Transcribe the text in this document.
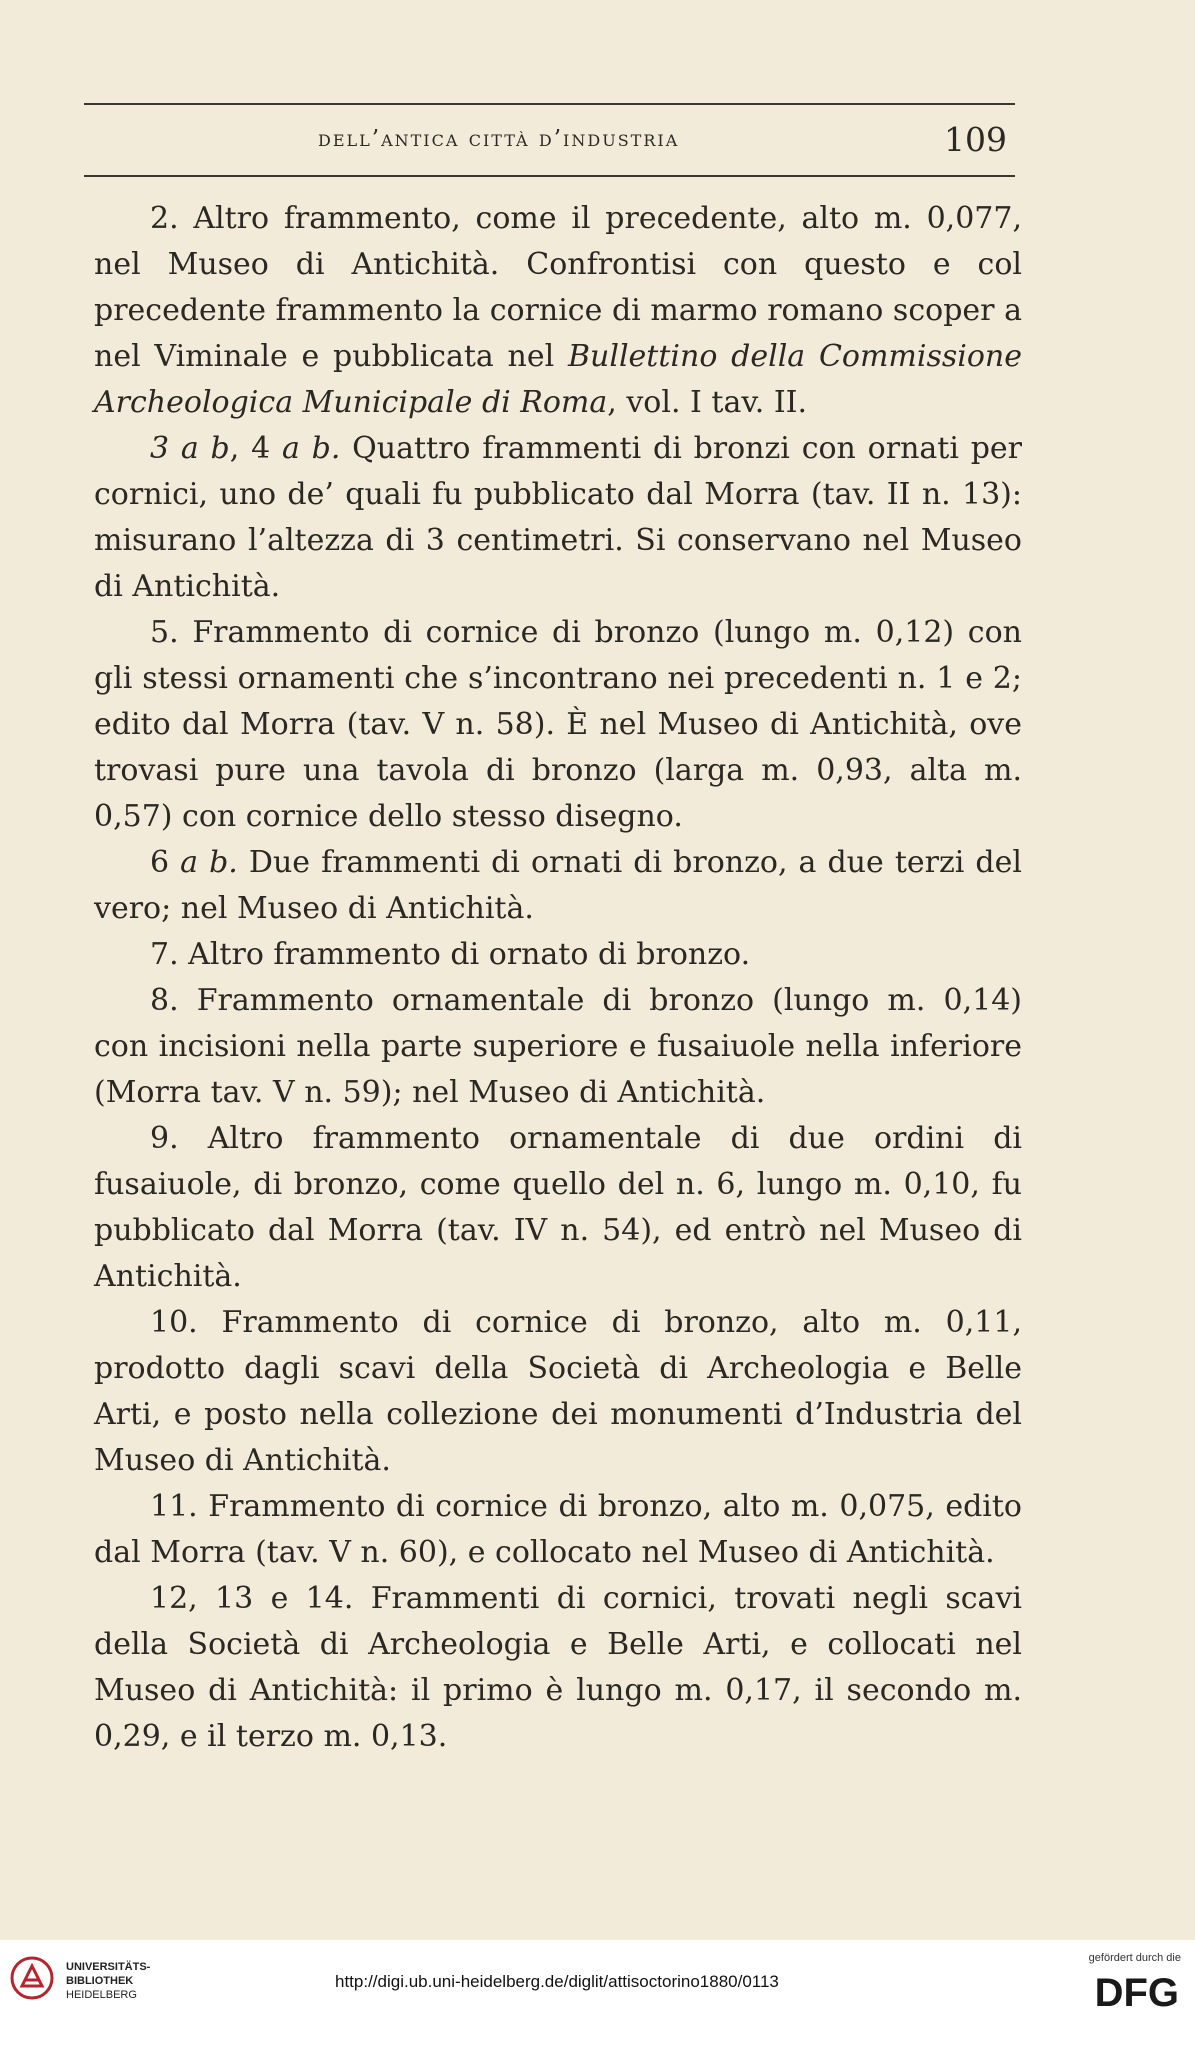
dell’antica città d’industria	109

2. Altro frammento, come il precedente, alto m. 0,077, nel Museo di Antichità. Confrontisi con questo e col precedente frammento la cornice di marmo romano scoper a nel Viminale e pubblicata nel Bullettino della Commissione Archeologica Municipale di Roma, vol. I tav. II.

3 a b, 4 a b. Quattro frammenti di bronzi con ornati per cornici, uno de’ quali fu pubblicato dal Morra (tav. II n. 13): misurano l’altezza di 3 centimetri. Si conservano nel Museo di Antichità.

5. Frammento di cornice di bronzo (lungo m. 0,12) con gli stessi ornamenti che s’incontrano nei precedenti n. 1 e 2; edito dal Morra (tav. V n. 58). È nel Museo di Antichità, ove trovasi pure una tavola di bronzo (larga m. 0,93, alta m. 0,57) con cornice dello stesso disegno.

6 a b. Due frammenti di ornati di bronzo, a due terzi del vero; nel Museo di Antichità.

7. Altro frammento di ornato di bronzo.

8. Frammento ornamentale di bronzo (lungo m. 0,14) con incisioni nella parte superiore e fusaiuole nella inferiore (Morra tav. V n. 59); nel Museo di Antichità.

9. Altro frammento ornamentale di due ordini di fusaiuole, di bronzo, come quello del n. 6, lungo m. 0,10, fu pubblicato dal Morra (tav. IV n. 54), ed entrò nel Museo di Antichità.

10. Frammento di cornice di bronzo, alto m. 0,11, prodotto dagli scavi della Società di Archeologia e Belle Arti, e posto nella collezione dei monumenti d’Industria del Museo di Antichità.

11. Frammento di cornice di bronzo, alto m. 0,075, edito dal Morra (tav. V n. 60), e collocato nel Museo di Antichità.

12, 13 e 14. Frammenti di cornici, trovati negli scavi della Società di Archeologia e Belle Arti, e collocati nel Museo di Antichità: il primo è lungo m. 0,17, il secondo m. 0,29, e il terzo m. 0,13.

UNIVERSITÄTS-
BIBLIOTHEK
HEIDELBERG
http://digi.ub.uni-heidelberg.de/diglit/attisoctorino1880/0113
gefördert durch die
DFG
